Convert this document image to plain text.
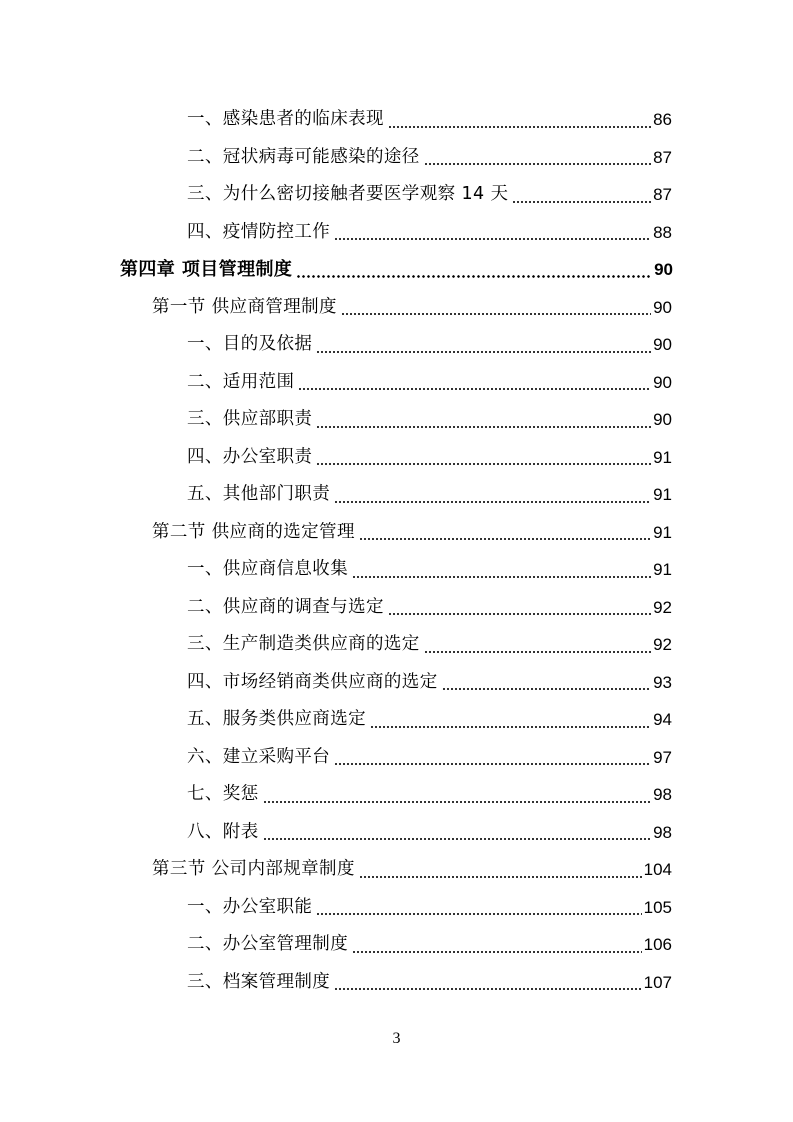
一、感染患者的临床表现	86
二、冠状病毒可能感染的途径	87
三、为什么密切接触者要医学观察 14 天	87
四、疫情防控工作	88
第四章 项目管理制度	90
第一节 供应商管理制度	90
一、目的及依据	90
二、适用范围	90
三、供应部职责	90
四、办公室职责	91
五、其他部门职责	91
第二节 供应商的选定管理	91
一、供应商信息收集	91
二、供应商的调查与选定	92
三、生产制造类供应商的选定	92
四、市场经销商类供应商的选定	93
五、服务类供应商选定	94
六、建立采购平台	97
七、奖惩	98
八、附表	98
第三节 公司内部规章制度	104
一、办公室职能	105
二、办公室管理制度	106
三、档案管理制度	107
3
